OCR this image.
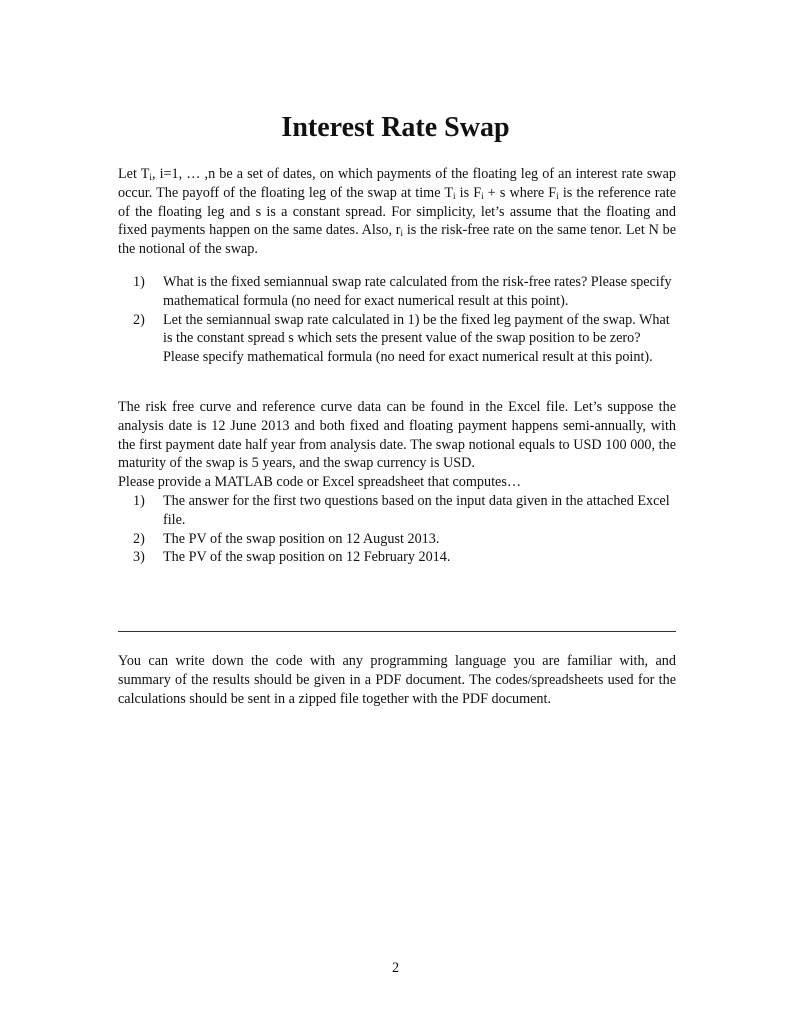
Interest Rate Swap

Let $T_i$, i=1, … ,n be a set of dates, on which payments of the floating leg of an interest rate swap occur. The payoff of the floating leg of the swap at time $T_i$ is $F_i + s$ where $F_i$ is the reference rate of the floating leg and s is a constant spread. For simplicity, let’s assume that the floating and fixed payments happen on the same dates. Also, $r_i$ is the risk-free rate on the same tenor. Let N be the notional of the swap.

1) What is the fixed semiannual swap rate calculated from the risk-free rates? Please specify mathematical formula (no need for exact numerical result at this point).
2) Let the semiannual swap rate calculated in 1) be the fixed leg payment of the swap. What is the constant spread s which sets the present value of the swap position to be zero? Please specify mathematical formula (no need for exact numerical result at this point).

The risk free curve and reference curve data can be found in the Excel file. Let’s suppose the analysis date is 12 June 2013 and both fixed and floating payment happens semi-annually, with the first payment date half year from analysis date. The swap notional equals to USD 100 000, the maturity of the swap is 5 years, and the swap currency is USD.

Please provide a MATLAB code or Excel spreadsheet that computes…

1) The answer for the first two questions based on the input data given in the attached Excel file.
2) The PV of the swap position on 12 August 2013.
3) The PV of the swap position on 12 February 2014.

You can write down the code with any programming language you are familiar with, and summary of the results should be given in a PDF document. The codes/spreadsheets used for the calculations should be sent in a zipped file together with the PDF document.

2
